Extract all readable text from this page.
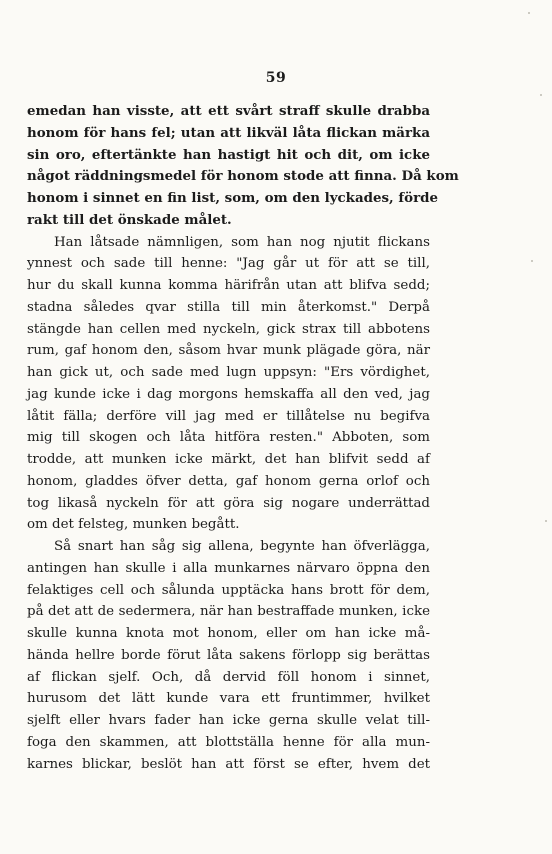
59
emedan han visste, att ett svårt straff skulle drabba
honom för hans fel; utan att likväl låta flickan märka
sin oro, eftertänkte han hastigt hit och dit, om icke
något räddningsmedel för honom stode att finna. Då kom
honom i sinnet en fin list, som, om den lyckades, förde
rakt till det önskade målet.
Han låtsade nämnligen, som han nog njutit flickans
ynnest och sade till henne: "Jag går ut för att se till,
hur du skall kunna komma härifrån utan att blifva sedd;
stadna således qvar stilla till min återkomst." Derpå
stängde han cellen med nyckeln, gick strax till abbotens
rum, gaf honom den, såsom hvar munk plägade göra, när
han gick ut, och sade med lugn uppsyn: "Ers vördighet,
jag kunde icke i dag morgons hemskaffa all den ved, jag
låtit fälla; derföre vill jag med er tillåtelse nu begifva
mig till skogen och låta hitföra resten." Abboten, som
trodde, att munken icke märkt, det han blifvit sedd af
honom, gladdes öfver detta, gaf honom gerna orlof och
tog likaså nyckeln för att göra sig nogare underrättad
om det felsteg, munken begått.
Så snart han såg sig allena, begynte han öfverlägga,
antingen han skulle i alla munkarnes närvaro öppna den
felaktiges cell och sålunda upptäcka hans brott för dem,
på det att de sedermera, när han bestraffade munken, icke
skulle kunna knota mot honom, eller om han icke må-
hända hellre borde förut låta sakens förlopp sig berättas
af flickan sjelf. Och, då dervid föll honom i sinnet,
hurusom det lätt kunde vara ett fruntimmer, hvilket
sjelft eller hvars fader han icke gerna skulle velat till-
foga den skammen, att blottställa henne för alla mun-
karnes blickar, beslöt han att först se efter, hvem det
